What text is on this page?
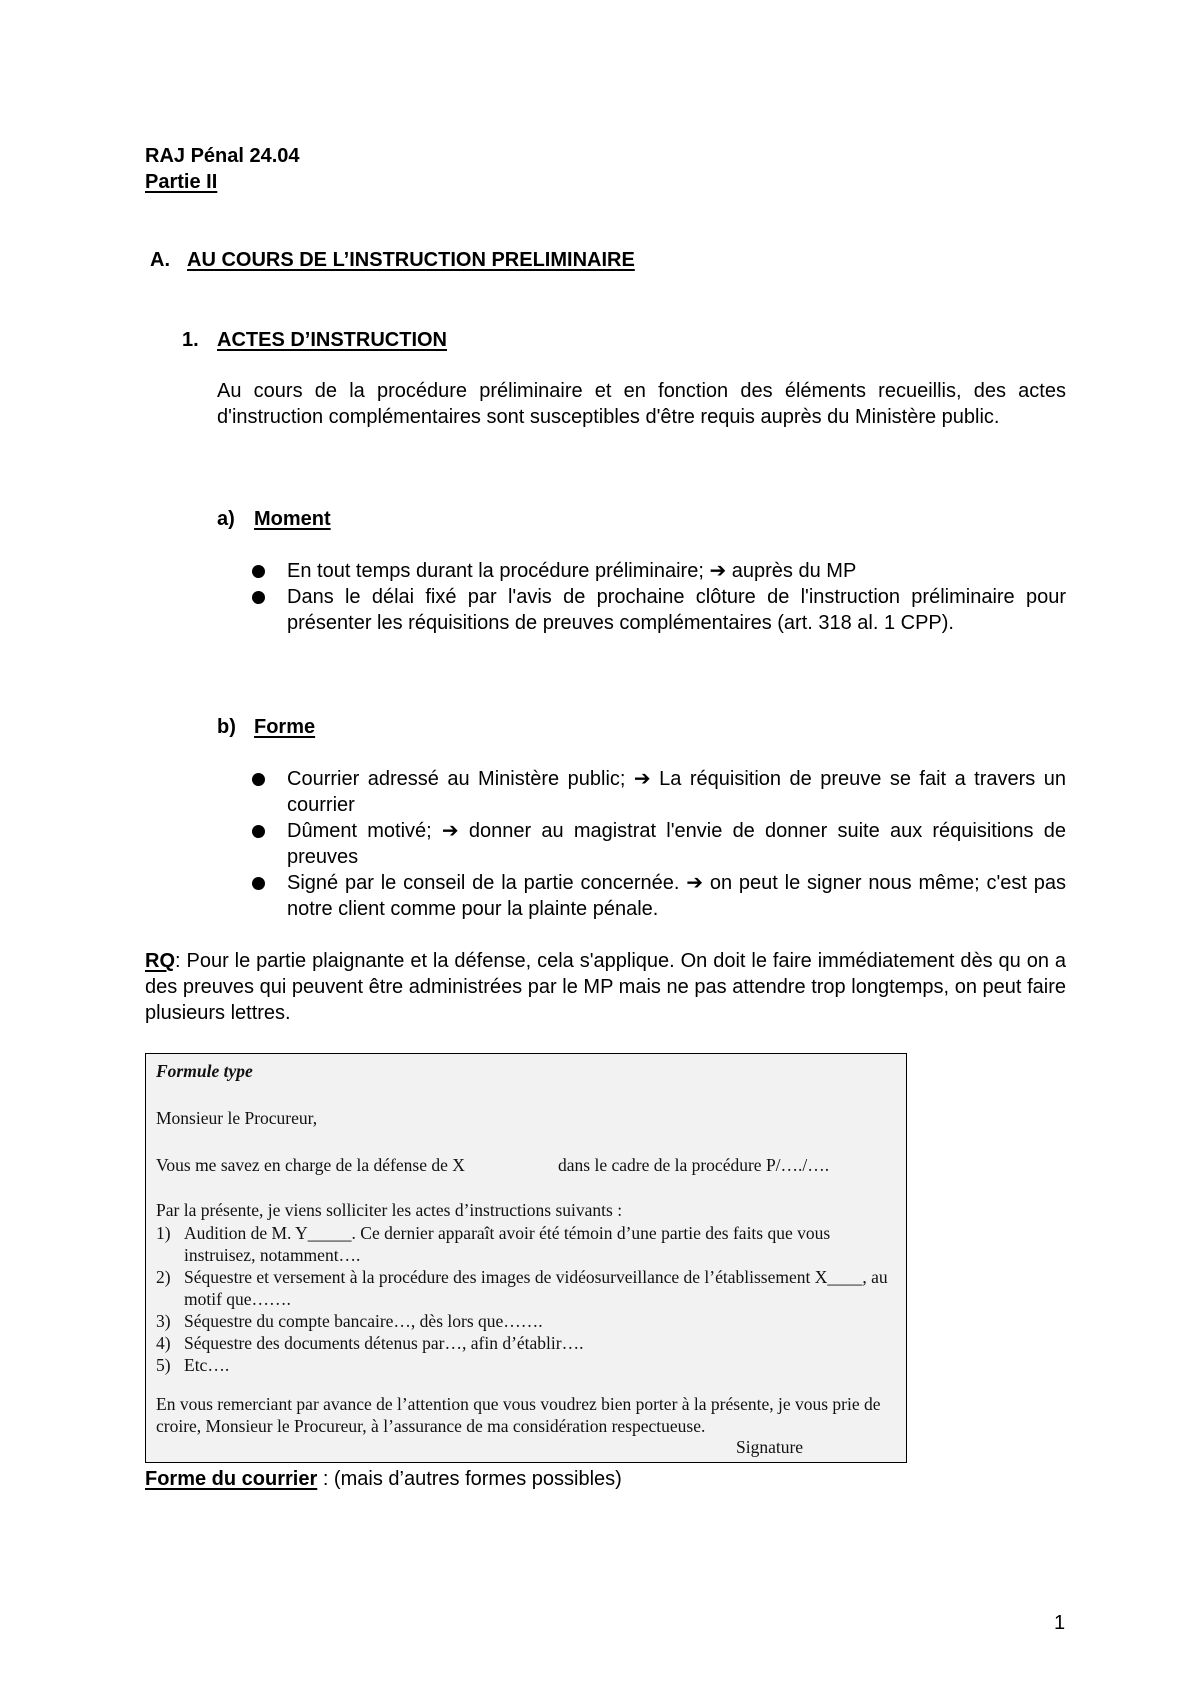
RAJ Pénal 24.04
Partie II
A. AU COURS DE L’INSTRUCTION PRELIMINAIRE
1. ACTES D’INSTRUCTION
Au cours de la procédure préliminaire et en fonction des éléments recueillis, des actes d'instruction complémentaires sont susceptibles d'être requis auprès du Ministère public.
a) Moment
En tout temps durant la procédure préliminaire; ➔ auprès du MP
Dans le délai fixé par l'avis de prochaine clôture de l'instruction préliminaire pour présenter les réquisitions de preuves complémentaires (art. 318 al. 1 CPP).
b) Forme
Courrier adressé au Ministère public; ➔ La réquisition de preuve se fait a travers un courrier
Dûment motivé; ➔ donner au magistrat l'envie de donner suite aux réquisitions de preuves
Signé par le conseil de la partie concernée. ➔ on peut le signer nous même; c'est pas notre client comme pour la plainte pénale.
RQ: Pour le partie plaignante et la défense, cela s'applique. On doit le faire immédiatement dès qu on a des preuves qui peuvent être administrées par le MP mais ne pas attendre trop longtemps, on peut faire plusieurs lettres.
Formule type
Monsieur le Procureur,
Vous me savez en charge de la défense de X	dans le cadre de la procédure P/…./….
Par la présente, je viens solliciter les actes d’instructions suivants :
1) Audition de M. Y_____. Ce dernier apparaît avoir été témoin d’une partie des faits que vous instruisez, notamment….
2) Séquestre et versement à la procédure des images de vidéosurveillance de l’établissement X____, au motif que…….
3) Séquestre du compte bancaire…, dès lors que…….
4) Séquestre des documents détenus par…, afin d’établir….
5) Etc….
En vous remerciant par avance de l’attention que vous voudrez bien porter à la présente, je vous prie de croire, Monsieur le Procureur, à l’assurance de ma considération respectueuse.
Signature
Forme du courrier : (mais d’autres formes possibles)
1
